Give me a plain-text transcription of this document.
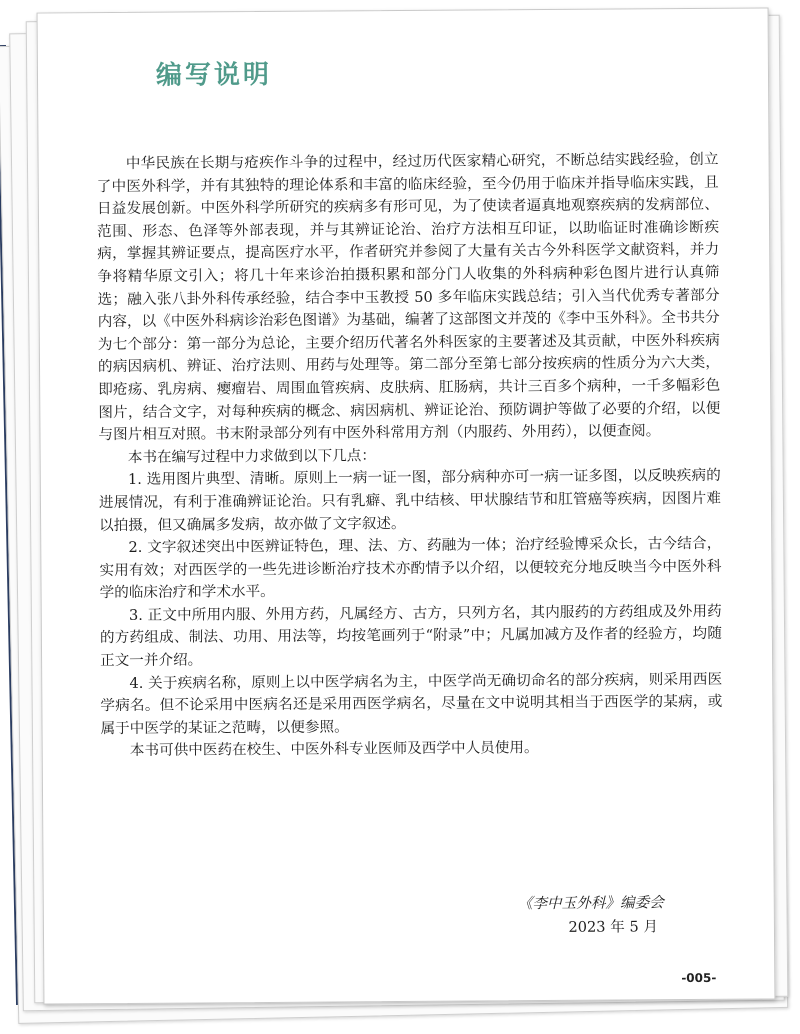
编写说明

中华民族在长期与疮疾作斗争的过程中，经过历代医家精心研究，不断总结实践经验，创立了中医外科学，并有其独特的理论体系和丰富的临床经验，至今仍用于临床并指导临床实践，且日益发展创新。中医外科学所研究的疾病多有形可见，为了使读者逼真地观察疾病的发病部位、范围、形态、色泽等外部表现，并与其辨证论治、治疗方法相互印证，以助临证时准确诊断疾病，掌握其辨证要点，提高医疗水平，作者研究并参阅了大量有关古今外科医学文献资料，并力争将精华原文引入；将几十年来诊治拍摄积累和部分门人收集的外科病种彩色图片进行认真筛选；融入张八卦外科传承经验，结合李中玉教授 50 多年临床实践总结；引入当代优秀专著部分内容，以《中医外科病诊治彩色图谱》为基础，编著了这部图文并茂的《李中玉外科》。全书共分为七个部分：第一部分为总论，主要介绍历代著名外科医家的主要著述及其贡献，中医外科疾病的病因病机、辨证、治疗法则、用药与处理等。第二部分至第七部分按疾病的性质分为六大类，即疮疡、乳房病、瘿瘤岩、周围血管疾病、皮肤病、肛肠病，共计三百多个病种，一千多幅彩色图片，结合文字，对每种疾病的概念、病因病机、辨证论治、预防调护等做了必要的介绍，以便与图片相互对照。书末附录部分列有中医外科常用方剂（内服药、外用药），以便查阅。

本书在编写过程中力求做到以下几点：

1. 选用图片典型、清晰。原则上一病一证一图，部分病种亦可一病一证多图，以反映疾病的进展情况，有利于准确辨证论治。只有乳癖、乳中结核、甲状腺结节和肛管癌等疾病，因图片难以拍摄，但又确属多发病，故亦做了文字叙述。

2. 文字叙述突出中医辨证特色，理、法、方、药融为一体；治疗经验博采众长，古今结合，实用有效；对西医学的一些先进诊断治疗技术亦酌情予以介绍，以便较充分地反映当今中医外科学的临床治疗和学术水平。

3. 正文中所用内服、外用方药，凡属经方、古方，只列方名，其内服药的方药组成及外用药的方药组成、制法、功用、用法等，均按笔画列于“附录”中；凡属加减方及作者的经验方，均随正文一并介绍。

4. 关于疾病名称，原则上以中医学病名为主，中医学尚无确切命名的部分疾病，则采用西医学病名。但不论采用中医病名还是采用西医学病名，尽量在文中说明其相当于西医学的某病，或属于中医学的某证之范畴，以便参照。

本书可供中医药在校生、中医外科专业医师及西学中人员使用。

《李中玉外科》编委会
2023 年 5 月
-005-
